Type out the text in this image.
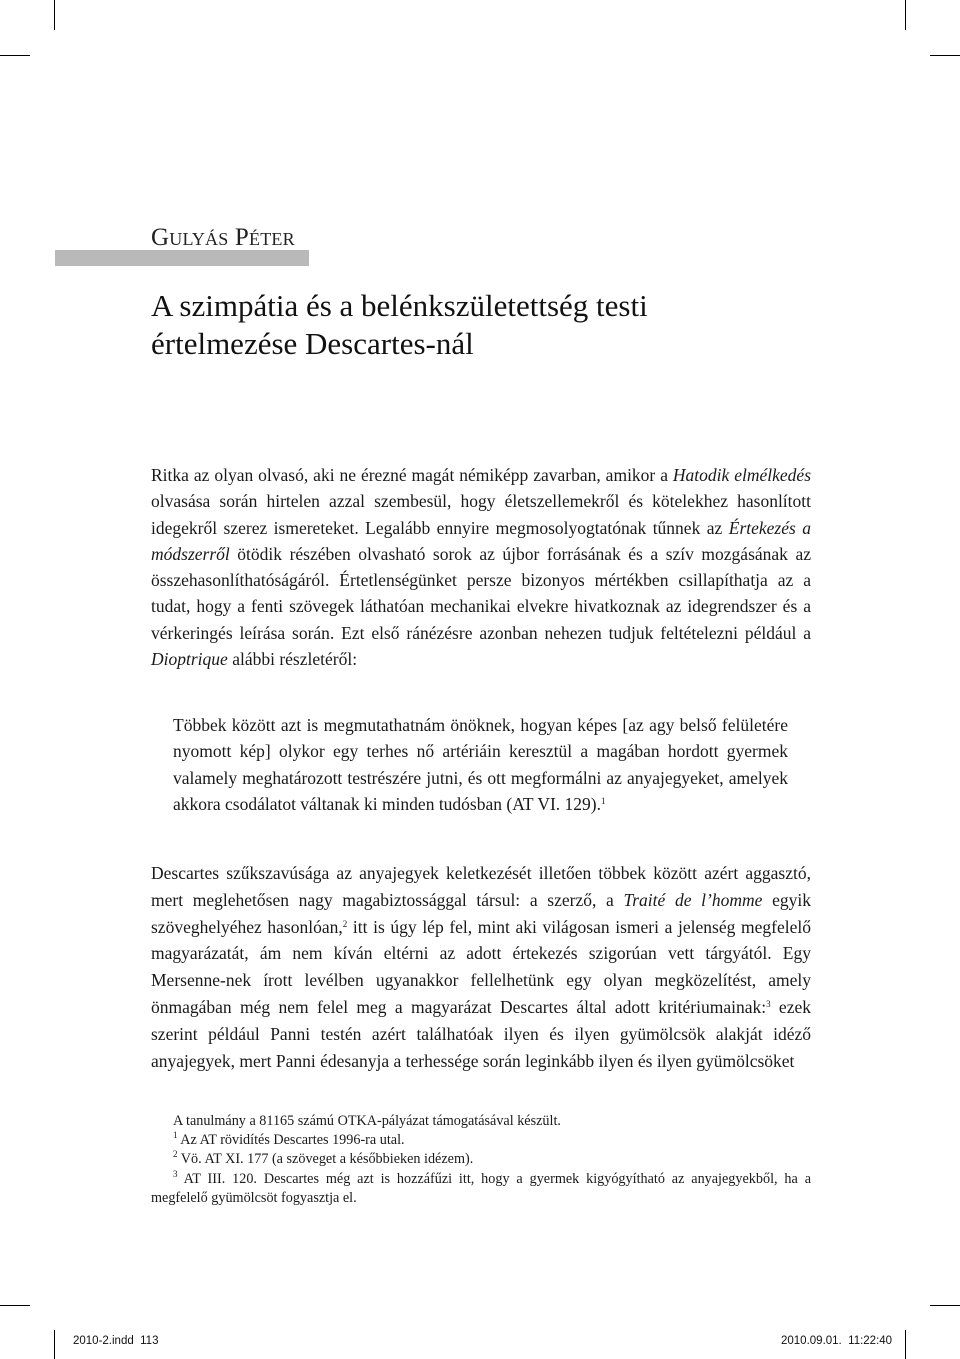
Gulyás Péter
A szimpátia és a belénkszületettség testi értelmezése Descartes-nál

Ritka az olyan olvasó, aki ne érezné magát némiképp zavarban, amikor a Hatodik elmélkedés olvasása során hirtelen azzal szembesül, hogy életszellemekről és kötelekhez hasonlított idegekről szerez ismereteket. Legalább ennyire megmosolyogtatónak tűnnek az Értekezés a módszerről ötödik részében olvasható sorok az újbor forrásának és a szív mozgásának az összehasonlíthatóságáról. Értetlenségünket persze bizonyos mértékben csillapíthatja az a tudat, hogy a fenti szövegek láthatóan mechanikai elvekre hivatkoznak az idegrendszer és a vérkeringés leírása során. Ezt első ránézésre azonban nehezen tudjuk feltételezni például a Dioptrique alábbi részletéről:

Többek között azt is megmutathatnám önöknek, hogyan képes [az agy belső felületére nyomott kép] olykor egy terhes nő artériáin keresztül a magában hordott gyermek valamely meghatározott testrészére jutni, és ott megformálni az anyajegyeket, amelyek akkora csodálatot váltanak ki minden tudósban (AT VI. 129).$^1$

Descartes szűkszavúsága az anyajegyek keletkezését illetően többek között azért aggasztó, mert meglehetősen nagy magabiztossággal társul: a szerző, a Traité de l’homme egyik szöveghelyéhez hasonlóan,$^2$ itt is úgy lép fel, mint aki világosan ismeri a jelenség megfelelő magyarázatát, ám nem kíván eltérni az adott értekezés szigorúan vett tárgyától. Egy Mersenne-nek írott levélben ugyanakkor fellelhetünk egy olyan megközelítést, amely önmagában még nem felel meg a magyarázat Descartes által adott kritériumainak:$^3$ ezek szerint például Panni testén azért találhatóak ilyen és ilyen gyümölcsök alakját idéző anyajegyek, mert Panni édesanyja a terhessége során leginkább ilyen és ilyen gyümölcsöket

A tanulmány a 81165 számú OTKA-pályázat támogatásával készült.

$^1$ Az AT rövidítés Descartes 1996-ra utal.

$^2$ Vö. AT XI. 177 (a szöveget a későbbieken idézem).

$^3$ AT III. 120. Descartes még azt is hozzáfűzi itt, hogy a gyermek kigyógyítható az anyajegyekből, ha a megfelelő gyümölcsöt fogyasztja el.

2010-2.indd 113	2010.09.01. 11:22:40
